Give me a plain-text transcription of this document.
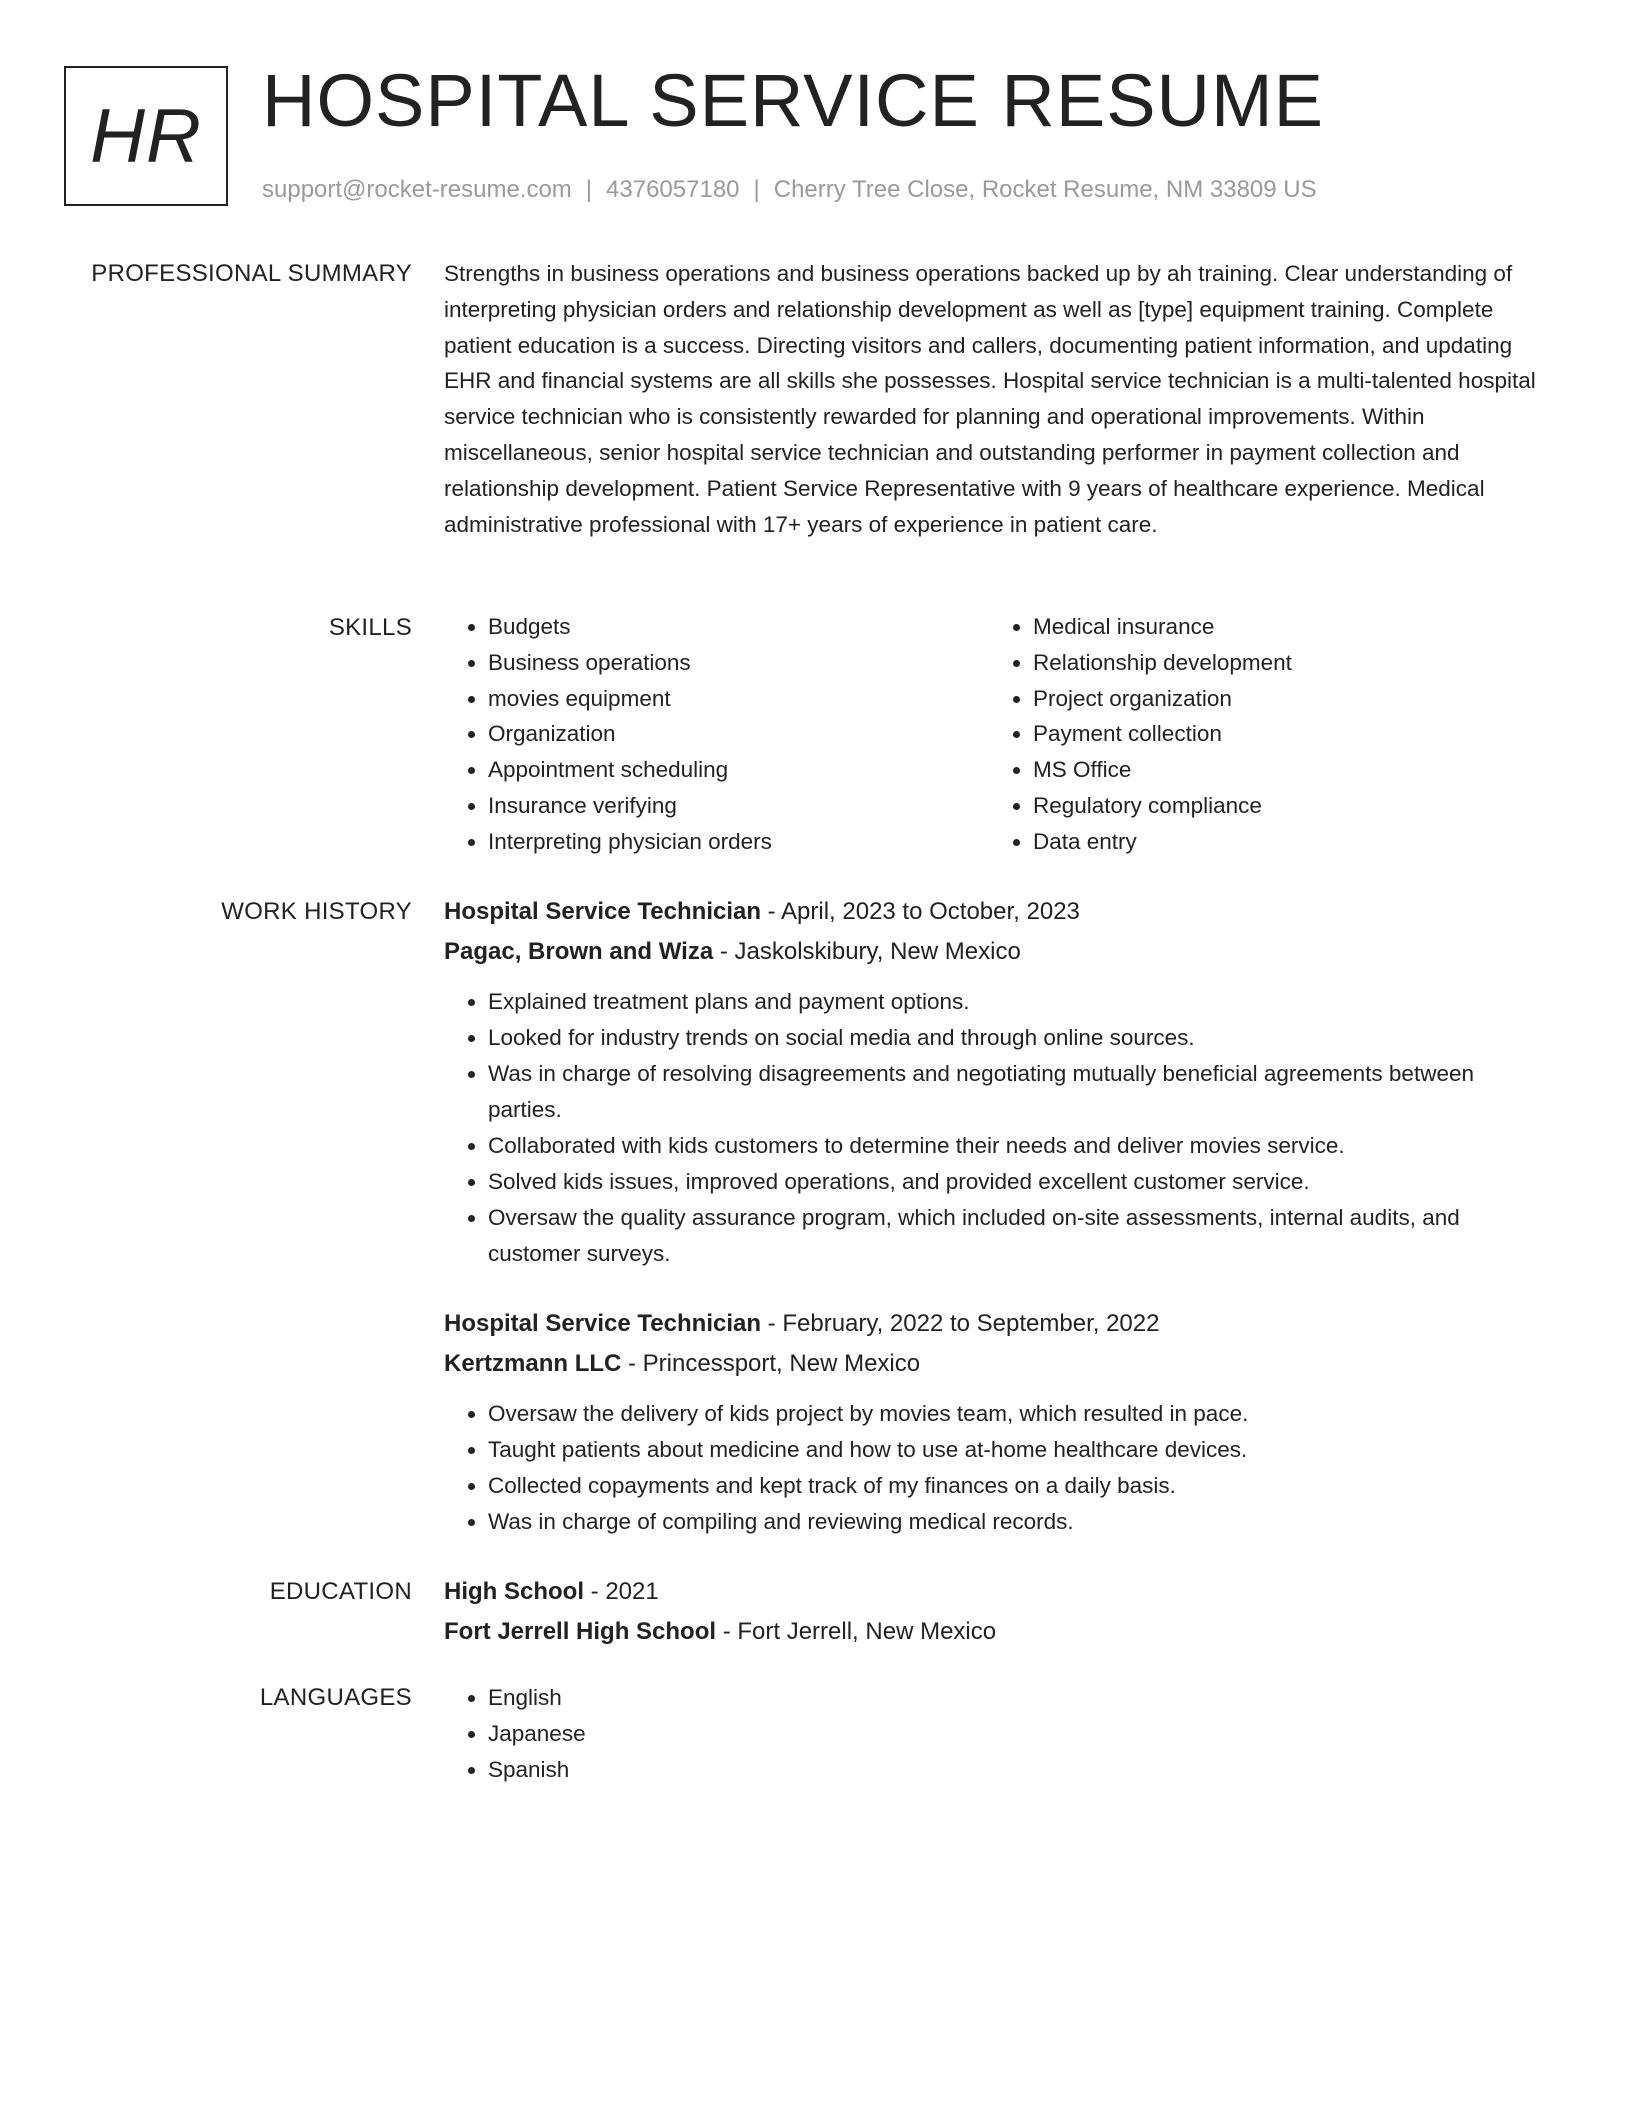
HR HOSPITAL SERVICE RESUME
support@rocket-resume.com | 4376057180 | Cherry Tree Close, Rocket Resume, NM 33809 US
PROFESSIONAL SUMMARY Strengths in business operations and business operations backed up by ah training. Clear understanding of interpreting physician orders and relationship development as well as [type] equipment training. Complete patient education is a success. Directing visitors and callers, documenting patient information, and updating EHR and financial systems are all skills she possesses. Hospital service technician is a multi-talented hospital service technician who is consistently rewarded for planning and operational improvements. Within miscellaneous, senior hospital service technician and outstanding performer in payment collection and relationship development. Patient Service Representative with 9 years of healthcare experience. Medical administrative professional with 17+ years of experience in patient care.

SKILLS	• Budgets
• Business operations
• movies equipment
• Organization
• Appointment scheduling
• Insurance verifying
• Interpreting physician orders
• Medical insurance
• Relationship development
• Project organization
• Payment collection
• MS Office
• Regulatory compliance
• Data entry
WORK HISTORY Hospital Service Technician - April, 2023 to October, 2023
Pagac, Brown and Wiza - Jaskolskibury, New Mexico
• Explained treatment plans and payment options.
• Looked for industry trends on social media and through online sources.
• Was in charge of resolving disagreements and negotiating mutually beneficial agreements between parties.
• Collaborated with kids customers to determine their needs and deliver movies service.
• Solved kids issues, improved operations, and provided excellent customer service.
• Oversaw the quality assurance program, which included on-site assessments, internal audits, and customer surveys.
Hospital Service Technician - February, 2022 to September, 2022
Kertzmann LLC - Princessport, New Mexico
• Oversaw the delivery of kids project by movies team, which resulted in pace.
• Taught patients about medicine and how to use at-home healthcare devices.
• Collected copayments and kept track of my finances on a daily basis.
• Was in charge of compiling and reviewing medical records.
EDUCATION High School - 2021
Fort Jerrell High School - Fort Jerrell, New Mexico
LANGUAGES	• English
• Japanese
• Spanish
